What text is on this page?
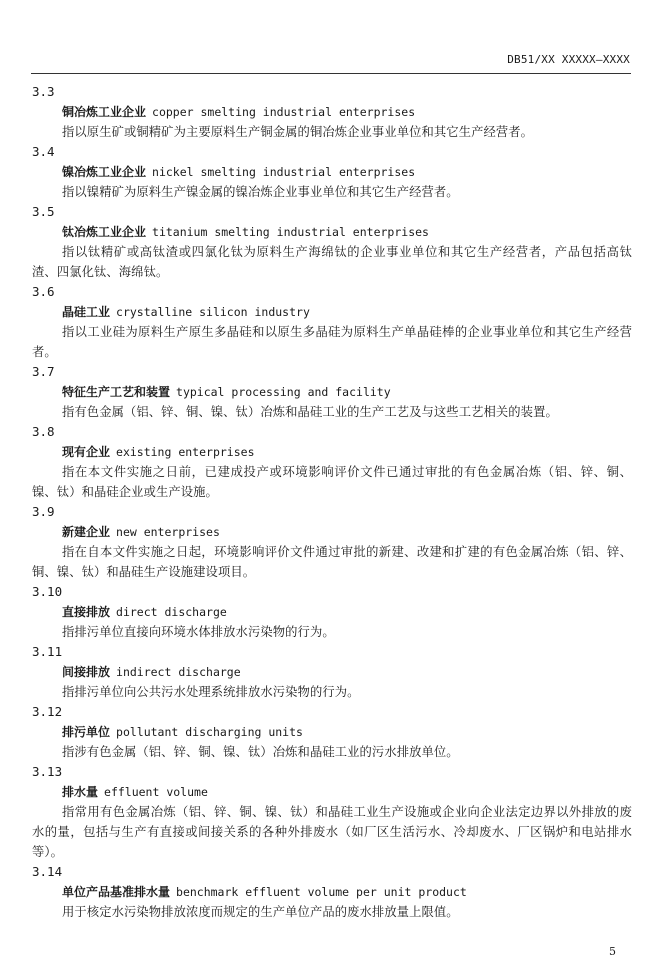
DB51/XX XXXXX—XXXX
3.3
铜冶炼工业企业 copper smelting industrial enterprises
指以原生矿或铜精矿为主要原料生产铜金属的铜冶炼企业事业单位和其它生产经营者。
3.4
镍冶炼工业企业 nickel smelting industrial enterprises
指以镍精矿为原料生产镍金属的镍冶炼企业事业单位和其它生产经营者。
3.5
钛冶炼工业企业 titanium smelting industrial enterprises
指以钛精矿或高钛渣或四氯化钛为原料生产海绵钛的企业事业单位和其它生产经营者，产品包括高钛渣、四氯化钛、海绵钛。
3.6
晶硅工业 crystalline silicon industry
指以工业硅为原料生产原生多晶硅和以原生多晶硅为原料生产单晶硅棒的企业事业单位和其它生产经营者。
3.7
特征生产工艺和装置 typical processing and facility
指有色金属（铝、锌、铜、镍、钛）冶炼和晶硅工业的生产工艺及与这些工艺相关的装置。
3.8
现有企业 existing enterprises
指在本文件实施之日前，已建成投产或环境影响评价文件已通过审批的有色金属冶炼（铝、锌、铜、镍、钛）和晶硅企业或生产设施。
3.9
新建企业 new enterprises
指在自本文件实施之日起，环境影响评价文件通过审批的新建、改建和扩建的有色金属冶炼（铝、锌、铜、镍、钛）和晶硅生产设施建设项目。
3.10
直接排放 direct discharge
指排污单位直接向环境水体排放水污染物的行为。
3.11
间接排放 indirect discharge
指排污单位向公共污水处理系统排放水污染物的行为。
3.12
排污单位 pollutant discharging units
指涉有色金属（铝、锌、铜、镍、钛）冶炼和晶硅工业的污水排放单位。
3.13
排水量 effluent volume
指常用有色金属冶炼（铝、锌、铜、镍、钛）和晶硅工业生产设施或企业向企业法定边界以外排放的废水的量，包括与生产有直接或间接关系的各种外排废水（如厂区生活污水、冷却废水、厂区锅炉和电站排水等）。
3.14
单位产品基准排水量 benchmark effluent volume per unit product
用于核定水污染物排放浓度而规定的生产单位产品的废水排放量上限值。
5
